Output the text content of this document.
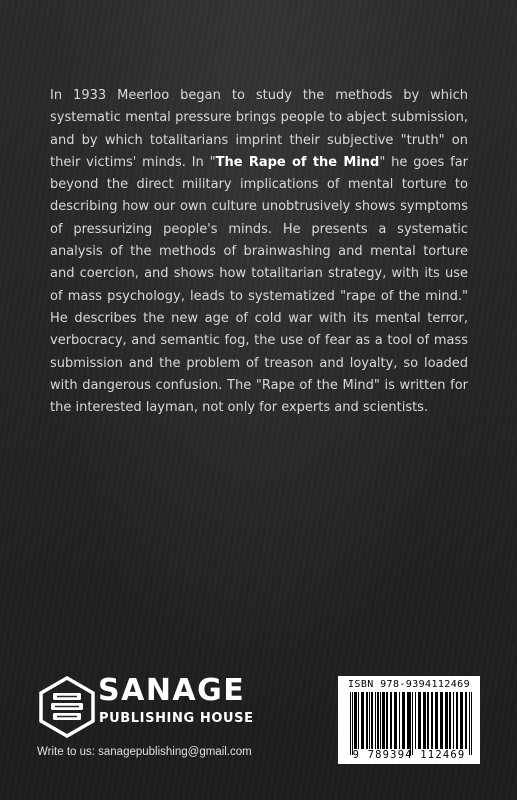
In 1933 Meerloo began to study the methods by which systematic mental pressure brings people to abject submission, and by which totalitarians imprint their subjective "truth" on their victims' minds. In "The Rape of the Mind" he goes far beyond the direct military implications of mental torture to describing how our own culture unobtrusively shows symptoms of pressurizing people's minds. He presents a systematic analysis of the methods of brainwashing and mental torture and coercion, and shows how totalitarian strategy, with its use of mass psychology, leads to systematized "rape of the mind." He describes the new age of cold war with its mental terror, verbocracy, and semantic fog, the use of fear as a tool of mass submission and the problem of treason and loyalty, so loaded with dangerous confusion. The "Rape of the Mind" is written for the interested layman, not only for experts and scientists.

SANAGE
PUBLISHING HOUSE
Write to us: sanagepublishing@gmail.com
ISBN 978-9394112469
9 789394 112469
